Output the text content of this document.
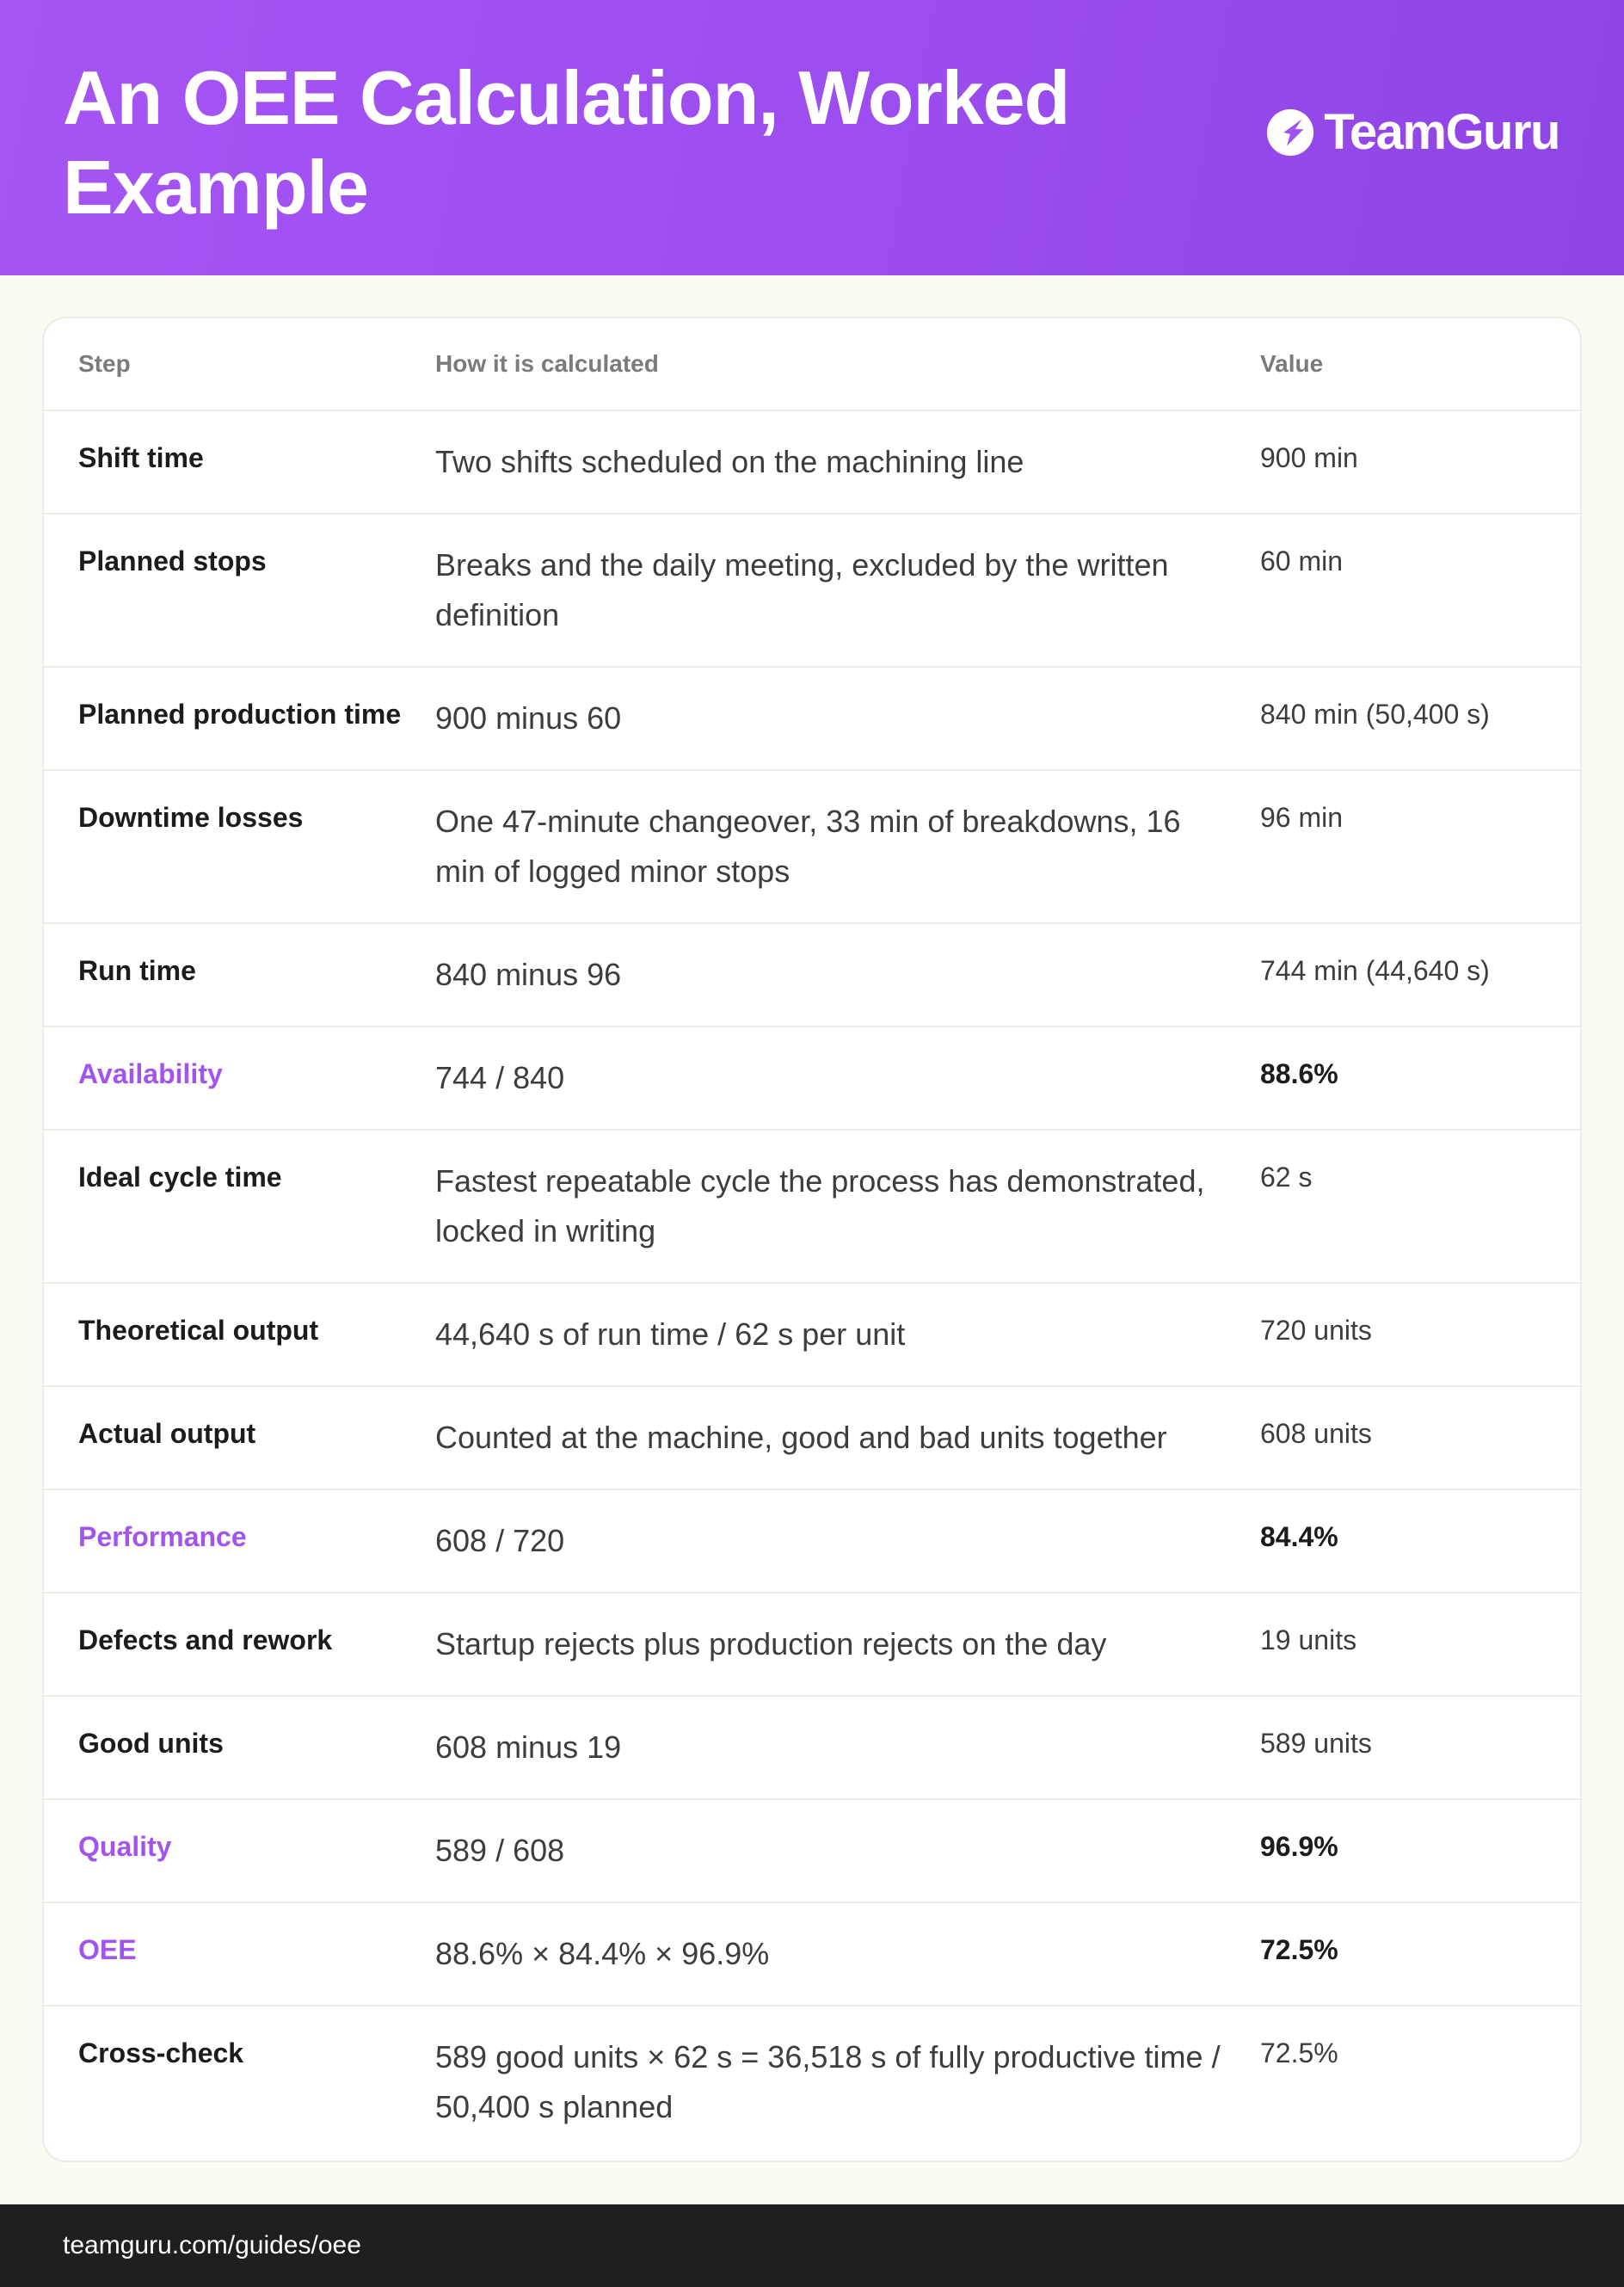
An OEE Calculation, Worked Example
TeamGuru
Step	How it is calculated	Value
Shift time	Two shifts scheduled on the machining line	900 min
Planned stops	Breaks and the daily meeting, excluded by the written definition	60 min
Planned production time	900 minus 60	840 min (50,400 s)
Downtime losses	One 47-minute changeover, 33 min of breakdowns, 16 min of logged minor stops	96 min
Run time	840 minus 96	744 min (44,640 s)
Availability	744 / 840	88.6%
Ideal cycle time	Fastest repeatable cycle the process has demonstrated, locked in writing	62 s
Theoretical output	44,640 s of run time / 62 s per unit	720 units
Actual output	Counted at the machine, good and bad units together	608 units
Performance	608 / 720	84.4%
Defects and rework	Startup rejects plus production rejects on the day	19 units
Good units	608 minus 19	589 units
Quality	589 / 608	96.9%
OEE	88.6% × 84.4% × 96.9%	72.5%
Cross-check	589 good units × 62 s = 36,518 s of fully productive time / 50,400 s planned	72.5%
teamguru.com/guides/oee
